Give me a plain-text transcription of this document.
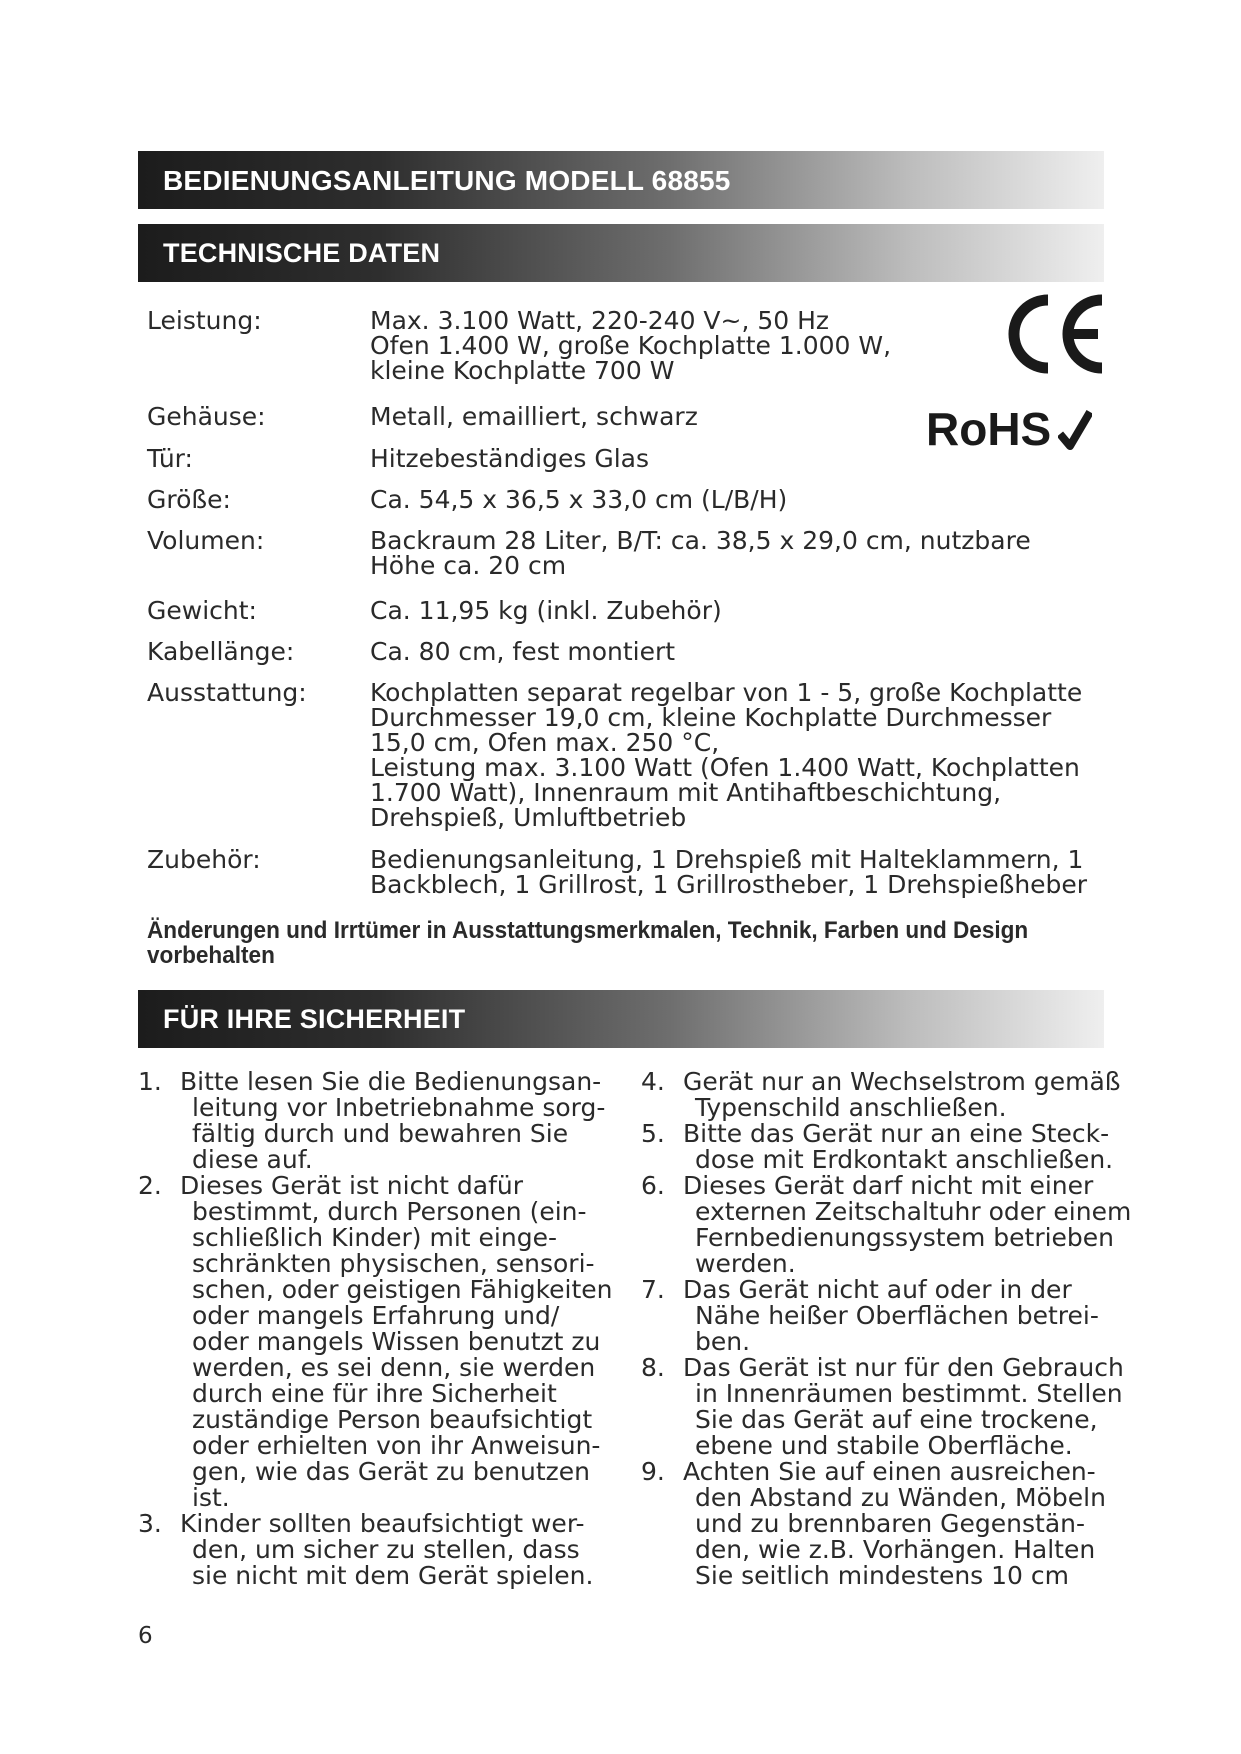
BEDIENUNGSANLEITUNG MODELL 68855
TECHNISCHE DATEN
Leistung:	Max. 3.100 Watt, 220-240 V~, 50 Hz
Ofen 1.400 W, große Kochplatte 1.000 W,
kleine Kochplatte 700 W
Gehäuse:	Metall, emailliert, schwarz
Tür:	Hitzebeständiges Glas
Größe:	Ca. 54,5 x 36,5 x 33,0 cm (L/B/H)
Volumen:	Backraum 28 Liter, B/T: ca. 38,5 x 29,0 cm, nutzbare
Höhe ca. 20 cm
Gewicht:	Ca. 11,95 kg (inkl. Zubehör)
Kabellänge:	Ca. 80 cm, fest montiert
Ausstattung:	Kochplatten separat regelbar von 1 - 5, große Kochplatte
Durchmesser 19,0 cm, kleine Kochplatte Durchmesser
15,0 cm, Ofen max. 250 °C,
Leistung max. 3.100 Watt (Ofen 1.400 Watt, Kochplatten
1.700 Watt), Innenraum mit Antihaftbeschichtung,
Drehspieß, Umluftbetrieb
Zubehör:	Bedienungsanleitung, 1 Drehspieß mit Halteklammern, 1
Backblech, 1 Grillrost, 1 Grillrostheber, 1 Drehspießheber
RoHS
Änderungen und Irrtümer in Ausstattungsmerkmalen, Technik, Farben und Design
vorbehalten
FÜR IHRE SICHERHEIT
1. Bitte lesen Sie die Bedienungsan-
leitung vor Inbetriebnahme sorg-
fältig durch und bewahren Sie
diese auf.
2. Dieses Gerät ist nicht dafür
bestimmt, durch Personen (ein-
schließlich Kinder) mit einge-
schränkten physischen, sensori-
schen, oder geistigen Fähigkeiten
oder mangels Erfahrung und/
oder mangels Wissen benutzt zu
werden, es sei denn, sie werden
durch eine für ihre Sicherheit
zuständige Person beaufsichtigt
oder erhielten von ihr Anweisun-
gen, wie das Gerät zu benutzen
ist.
3. Kinder sollten beaufsichtigt wer-
den, um sicher zu stellen, dass
sie nicht mit dem Gerät spielen.
4. Gerät nur an Wechselstrom gemäß
Typenschild anschließen.
5. Bitte das Gerät nur an eine Steck-
dose mit Erdkontakt anschließen.
6. Dieses Gerät darf nicht mit einer
externen Zeitschaltuhr oder einem
Fernbedienungssystem betrieben
werden.
7. Das Gerät nicht auf oder in der
Nähe heißer Oberflächen betrei-
ben.
8. Das Gerät ist nur für den Gebrauch
in Innenräumen bestimmt. Stellen
Sie das Gerät auf eine trockene,
ebene und stabile Oberfläche.
9. Achten Sie auf einen ausreichen-
den Abstand zu Wänden, Möbeln
und zu brennbaren Gegenstän-
den, wie z.B. Vorhängen. Halten
Sie seitlich mindestens 10 cm
6
